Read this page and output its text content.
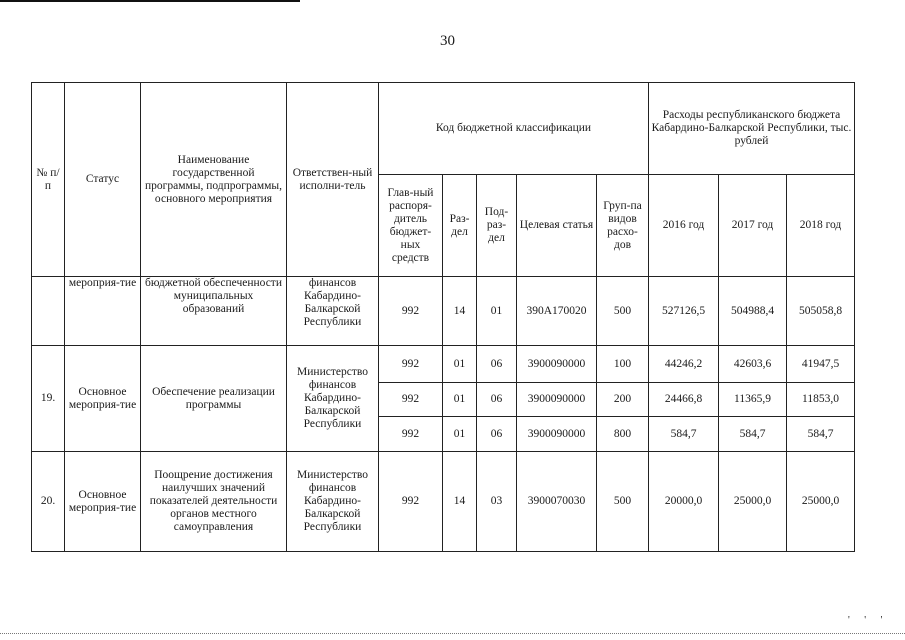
30
№ п/п	Статус	Наименование государственной программы, подпрограммы, основного мероприятия	Ответствен-ный исполни-тель	Код бюджетной классификации					Расходы республиканского бюджета Кабардино-Балкарской Республики, тыс. рублей		
				Глав-ный распоря-дитель бюджет-ных средств	Раз-дел	Под-раз-дел	Целевая статья	Груп-па видов расхо-дов	2016 год	2017 год	2018 год
	мероприя-тие	бюджетной обеспеченности муниципальных образований	финансов Кабардино-Балкарской Республики	992	14	01	390А170020	500	527126,5	504988,4	505058,8
19.	Основное мероприя-тие	Обеспечение реализации программы	Министерство финансов Кабардино-Балкарской Республики	992	01	06	3900090000	100	44246,2	42603,6	41947,5
				992	01	06	3900090000	200	24466,8	11365,9	11853,0
				992	01	06	3900090000	800	584,7	584,7	584,7
20.	Основное мероприя-тие	Поощрение достижения наилучших значений показателей деятельности органов местного самоуправления	Министерство финансов Кабардино-Балкарской Республики	992	14	03	3900070030	500	20000,0	25000,0	25000,0
' ' '
